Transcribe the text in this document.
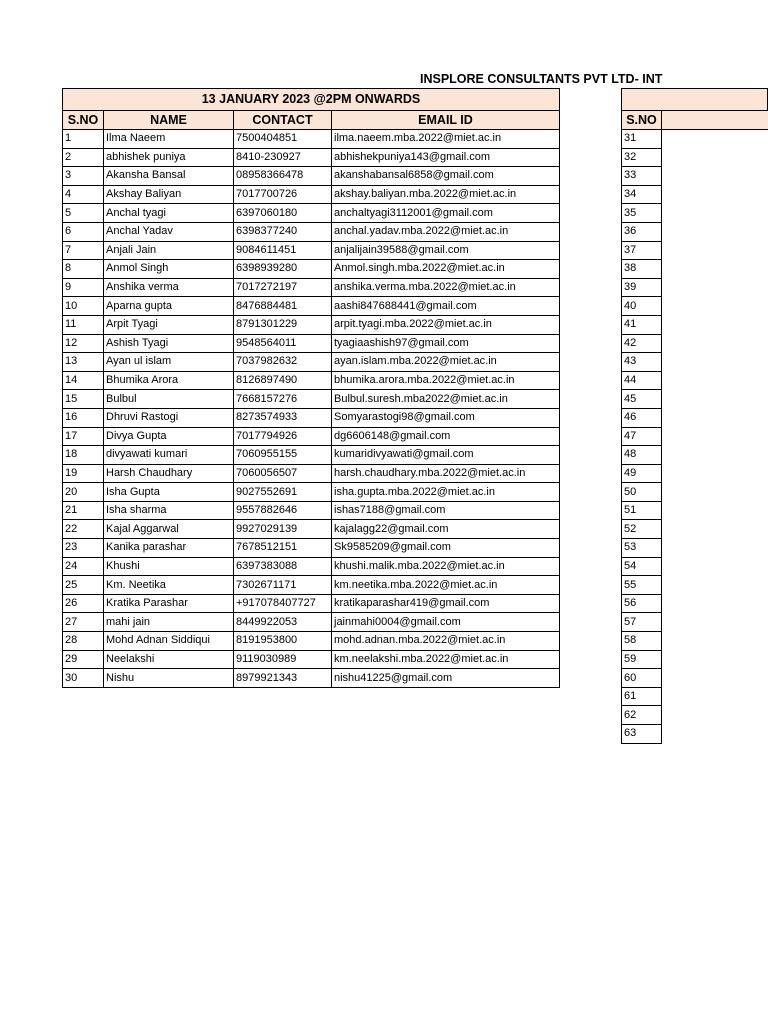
INSPLORE CONSULTANTS PVT LTD- INT
13 JANUARY 2023 @2PM ONWARDS			
S.NO	NAME	CONTACT	EMAIL ID
1	Ilma Naeem	7500404851	ilma.naeem.mba.2022@miet.ac.in
2	abhishek puniya	8410-230927	abhishekpuniya143@gmail.com
3	Akansha Bansal	08958366478	akanshabansal6858@gmail.com
4	Akshay Baliyan	7017700726	akshay.baliyan.mba.2022@miet.ac.in
5	Anchal tyagi	6397060180	anchaltyagi3112001@gmail.com
6	Anchal Yadav	6398377240	anchal.yadav.mba.2022@miet.ac.in
7	Anjali Jain	9084611451	anjalijain39588@gmail.com
8	Anmol Singh	6398939280	Anmol.singh.mba.2022@miet.ac.in
9	Anshika verma	7017272197	anshika.verma.mba.2022@miet.ac.in
10	Aparna gupta	8476884481	aashi847688441@gmail.com
11	Arpit Tyagi	8791301229	arpit.tyagi.mba.2022@miet.ac.in
12	Ashish Tyagi	9548564011	tyagiaashish97@gmail.com
13	Ayan ul islam	7037982632	ayan.islam.mba.2022@miet.ac.in
14	Bhumika Arora	8126897490	bhumika.arora.mba.2022@miet.ac.in
15	Bulbul	7668157276	Bulbul.suresh.mba2022@miet.ac.in
16	Dhruvi Rastogi	8273574933	Somyarastogi98@gmail.com
17	Divya Gupta	7017794926	dg6606148@gmail.com
18	divyawati kumari	7060955155	kumaridivyawati@gmail.com
19	Harsh Chaudhary	7060056507	harsh.chaudhary.mba.2022@miet.ac.in
20	Isha Gupta	9027552691	isha.gupta.mba.2022@miet.ac.in
21	Isha sharma	9557882646	ishas7188@gmail.com
22	Kajal Aggarwal	9927029139	kajalagg22@gmail.com
23	Kanika parashar	7678512151	Sk9585209@gmail.com
24	Khushi	6397383088	khushi.malik.mba.2022@miet.ac.in
25	Km. Neetika	7302671171	km.neetika.mba.2022@miet.ac.in
26	Kratika Parashar	+917078407727	kratikaparashar419@gmail.com
27	mahi jain	8449922053	jainmahi0004@gmail.com
28	Mohd Adnan Siddiqui	8191953800	mohd.adnan.mba.2022@miet.ac.in
29	Neelakshi	9119030989	km.neelakshi.mba.2022@miet.ac.in
30	Nishu	8979921343	nishu41225@gmail.com

S.NO	
31	
32	
33	
34	
35	
36	
37	
38	
39	
40	
41	
42	
43	
44	
45	
46	
47	
48	
49	
50	
51	
52	
53	
54	
55	
56	
57	
58	
59	
60	
61	
62	
63	
